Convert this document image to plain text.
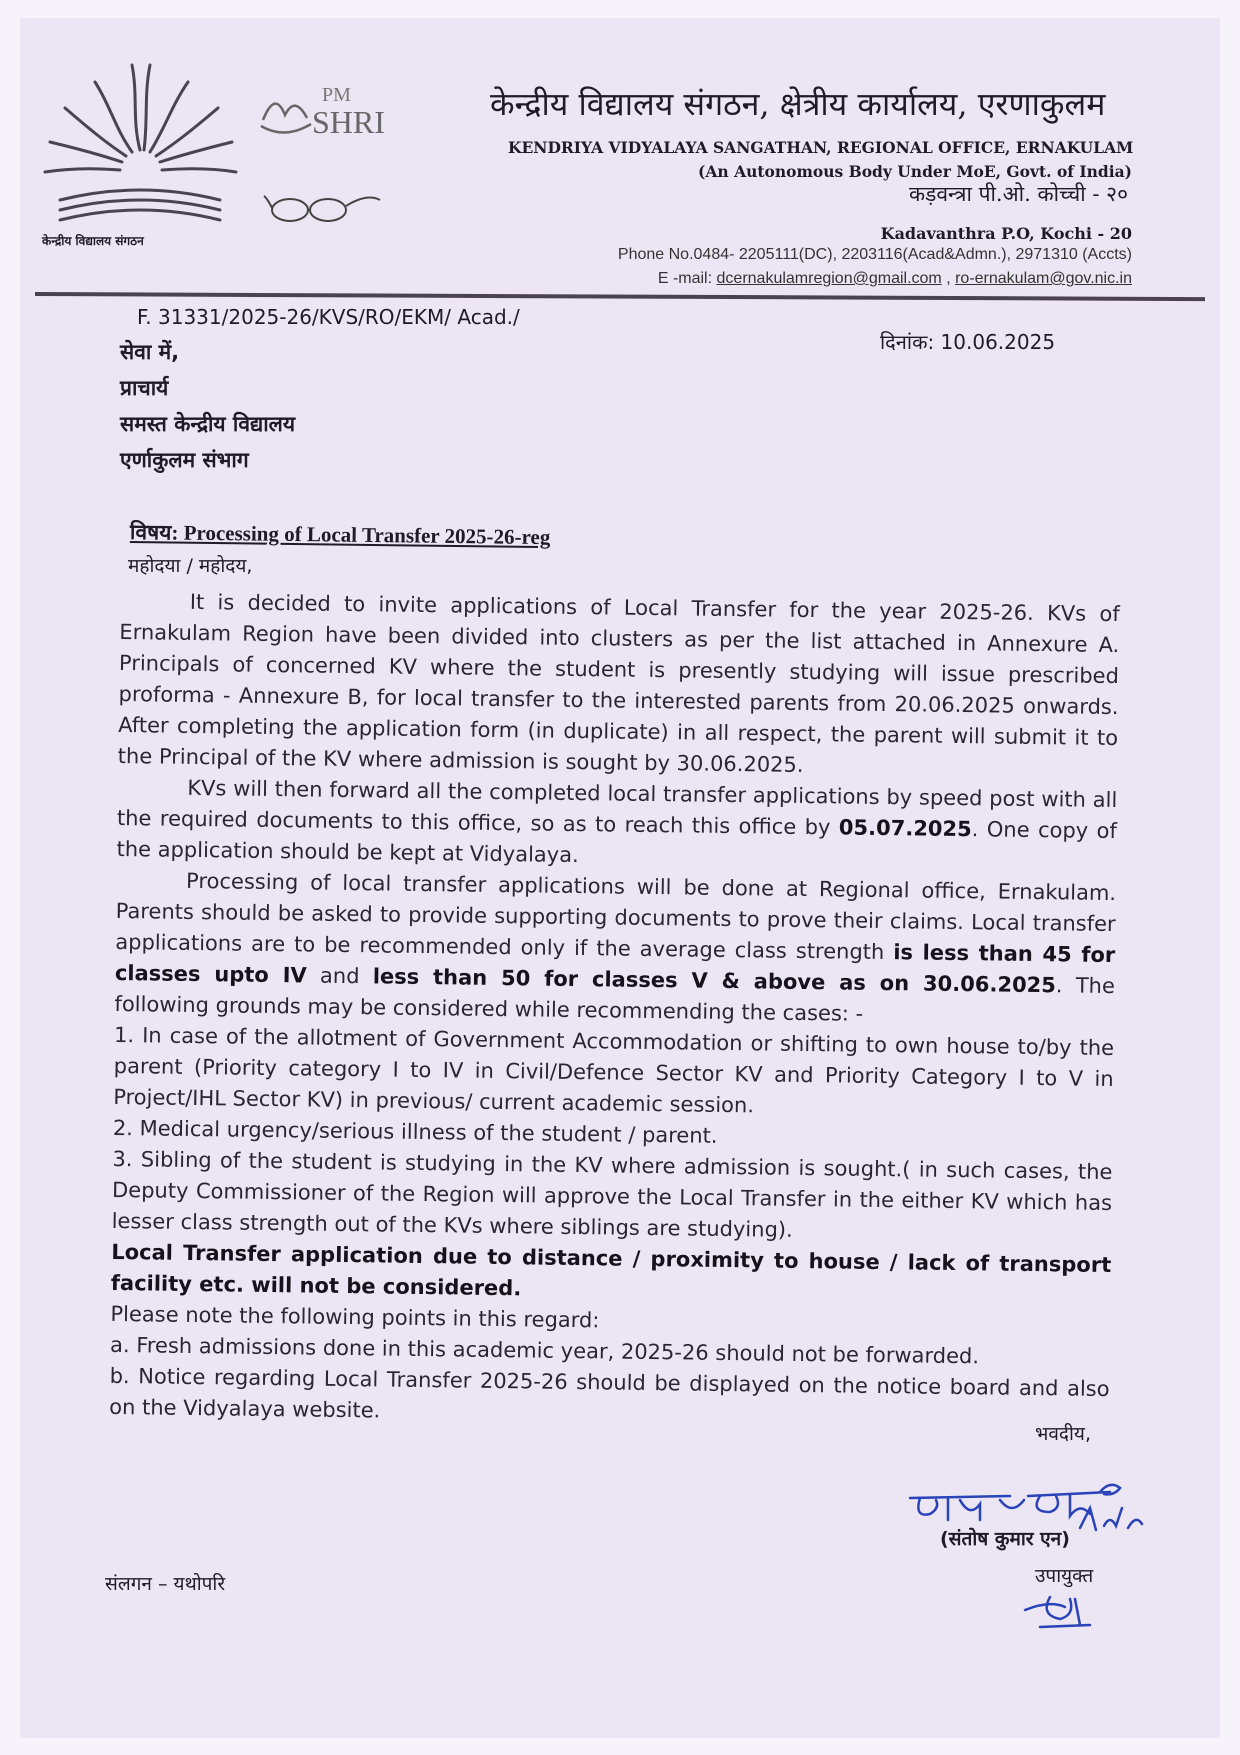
केन्द्रीय विद्यालय संगठन
PM
SHRI	केन्द्रीय विद्यालय संगठन, क्षेत्रीय कार्यालय, एरणाकुलम
KENDRIYA VIDYALAYA SANGATHAN, REGIONAL OFFICE, ERNAKULAM
(An Autonomous Body Under MoE, Govt. of India)
कड़वन्त्रा पी.ओ. कोच्ची - २०
Kadavanthra P.O, Kochi - 20
Phone No.0484- 2205111(DC), 2203116(Acad&Admn.), 2971310 (Accts)
E -mail: dcernakulamregion@gmail.com , ro-ernakulam@gov.nic.in
F. 31331/2025-26/KVS/RO/EKM/ Acad./
दिनांक: 10.06.2025
सेवा में,
प्राचार्य
समस्त केन्द्रीय विद्यालय
एर्णाकुलम संभाग
विषय: Processing of Local Transfer 2025-26-reg
महोदया / महोदय,

It is decided to invite applications of Local Transfer for the year 2025-26. KVs of Ernakulam Region have been divided into clusters as per the list attached in Annexure A. Principals of concerned KV where the student is presently studying will issue prescribed proforma - Annexure B, for local transfer to the interested parents from 20.06.2025 onwards. After completing the application form (in duplicate) in all respect, the parent will submit it to the Principal of the KV where admission is sought by 30.06.2025.

KVs will then forward all the completed local transfer applications by speed post with all the required documents to this office, so as to reach this office by 05.07.2025. One copy of the application should be kept at Vidyalaya.

Processing of local transfer applications will be done at Regional office, Ernakulam. Parents should be asked to provide supporting documents to prove their claims. Local transfer applications are to be recommended only if the average class strength is less than 45 for classes upto IV and less than 50 for classes V & above as on 30.06.2025. The following grounds may be considered while recommending the cases: -

1. In case of the allotment of Government Accommodation or shifting to own house to/by the parent (Priority category I to IV in Civil/Defence Sector KV and Priority Category I to V in Project/IHL Sector KV) in previous/ current academic session.

2. Medical urgency/serious illness of the student / parent.

3. Sibling of the student is studying in the KV where admission is sought.( in such cases, the Deputy Commissioner of the Region will approve the Local Transfer in the either KV which has lesser class strength out of the KVs where siblings are studying).

Local Transfer application due to distance / proximity to house / lack of transport facility etc. will not be considered.

Please note the following points in this regard:

a. Fresh admissions done in this academic year, 2025-26 should not be forwarded.

b. Notice regarding Local Transfer 2025-26 should be displayed on the notice board and also on the Vidyalaya website.

भवदीय,
(संतोष कुमार एन)
उपायुक्त
संलगन – यथोपरि
